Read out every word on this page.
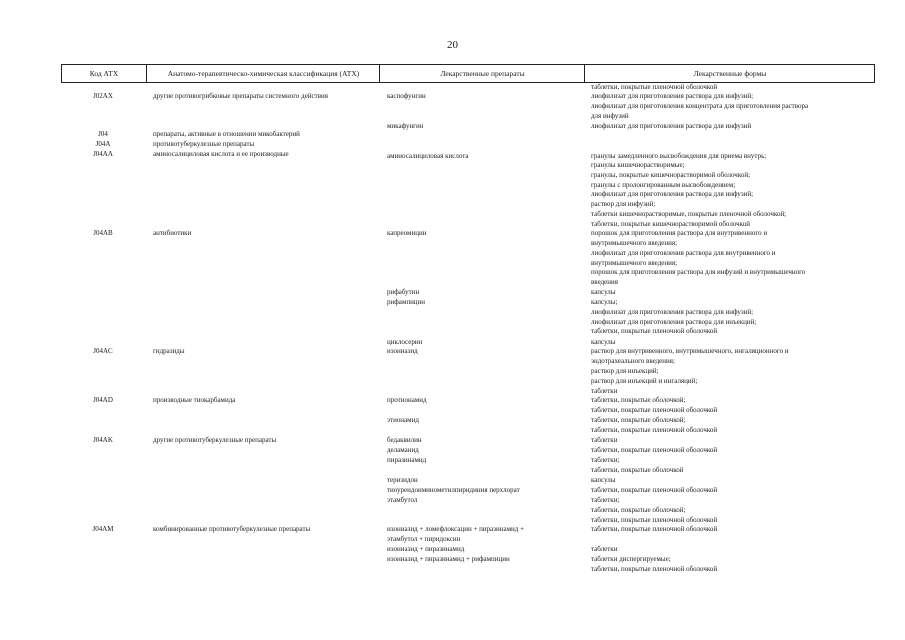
20
Код АТХ	Анатомо-терапевтическо-химическая классификация (АТХ)	Лекарственные препараты	Лекарственные формы
таблетки, покрытые пленочной оболочкой
J02AX	другие противогрибковые препараты системного действия	каспофунгин	лиофилизат для приготовления раствора для инфузий;
лиофилизат для приготовления концентрата для приготовления раствора
для инфузий
микафунгин	лиофилизат для приготовления раствора для инфузий
J04	препараты, активные в отношении микобактерий
J04A	противотуберкулезные препараты
J04AA	аминосалициловая кислота и ее производные	аминосалициловая кислота	гранулы замедленного высвобождения для приема внутрь;
гранулы кишечнорастворимые;
гранулы, покрытые кишечнорастворимой оболочкой;
гранулы с пролонгированным высвобождением;
лиофилизат для приготовления раствора для инфузий;
раствор для инфузий;
таблетки кишечнорастворимые, покрытые пленочной оболочкой;
таблетки, покрытые кишечнорастворимой оболочкой
J04AB	антибиотики	капреомицин	порошок для приготовления раствора для внутривенного и
внутримышечного введения;
лиофилизат для приготовления раствора для внутривенного и
внутримышечного введения;
порошок для приготовления раствора для инфузий и внутримышечного
введения
рифабутин	капсулы
рифампицин	капсулы;
лиофилизат для приготовления раствора для инфузий;
лиофилизат для приготовления раствора для инъекций;
таблетки, покрытые пленочной оболочкой
циклосерин	капсулы
J04AC	гидразиды	изониазид	раствор для внутривенного, внутримышечного, ингаляционного и
эндотрахеального введения;
раствор для инъекций;
раствор для инъекций и ингаляций;
таблетки
J04AD	производные тиокарбамида	протионамид	таблетки, покрытые оболочкой;
таблетки, покрытые пленочной оболочкой
этионамид	таблетки, покрытые оболочкой;
таблетки, покрытые пленочной оболочкой
J04AK	другие противотуберкулезные препараты	бедаквилин	таблетки
деламанид	таблетки, покрытые пленочной оболочкой
пиразинамид	таблетки;
таблетки, покрытые оболочкой
теризидон	капсулы
тиоуреидоиминометилпиридиния перхлорат	таблетки, покрытые пленочной оболочкой
этамбутол	таблетки;
таблетки, покрытые оболочкой;
таблетки, покрытые пленочной оболочкой
J04AM	комбинированные противотуберкулезные препараты	изониазид + ломефлоксацин + пиразинамид +	таблетки, покрытые пленочной оболочкой
этамбутол + пиридоксин
изониазид + пиразинамид	таблетки
изониазид + пиразинамид + рифампицин	таблетки диспергируемые;
таблетки, покрытые пленочной оболочкой
